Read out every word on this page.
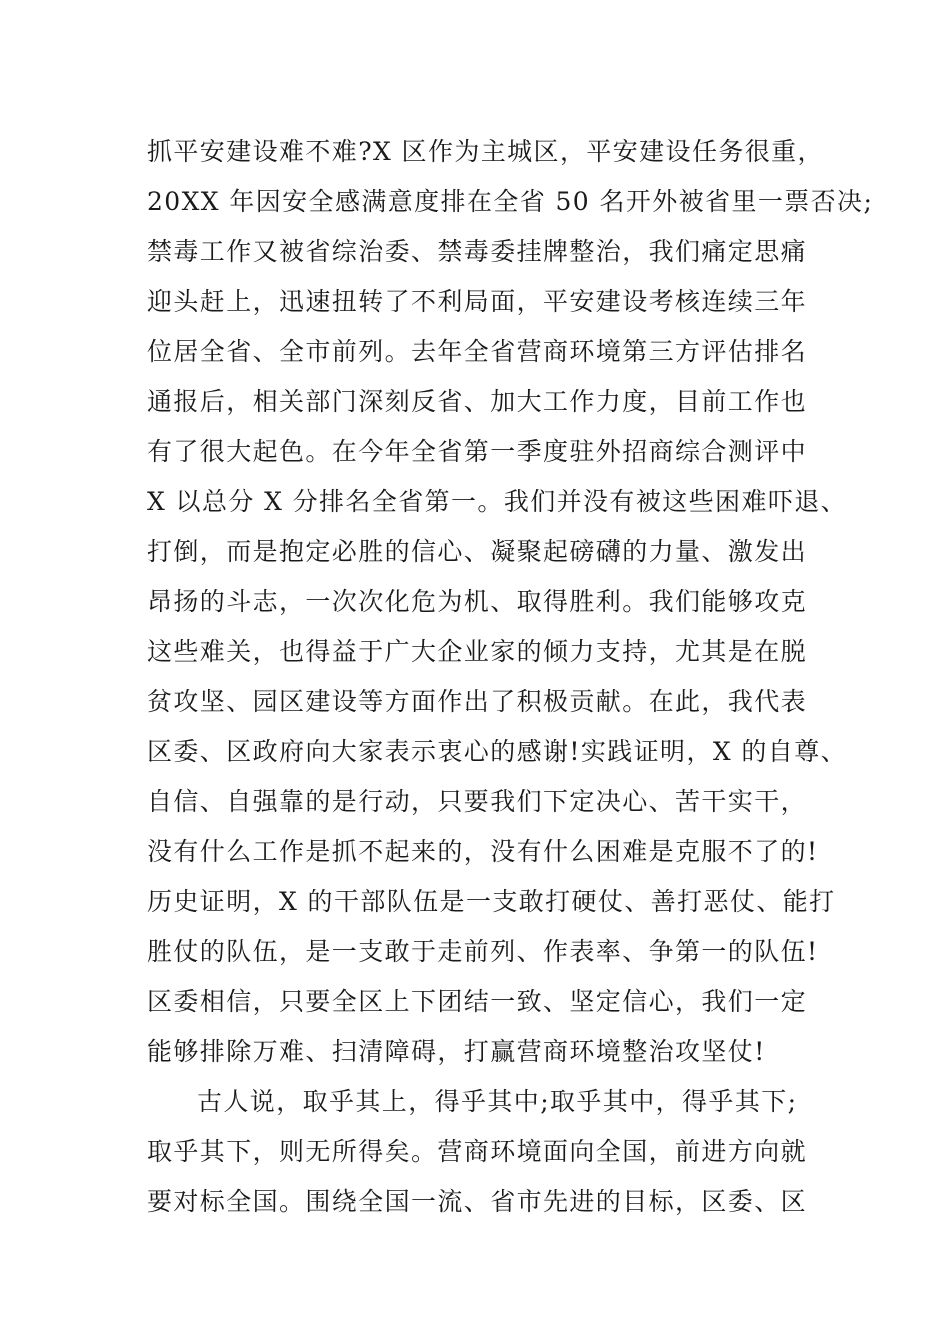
抓平安建设难不难?X 区作为主城区，平安建设任务很重，
20XX 年因安全感满意度排在全省 50 名开外被省里一票否决;
禁毒工作又被省综治委、禁毒委挂牌整治，我们痛定思痛
迎头赶上，迅速扭转了不利局面，平安建设考核连续三年
位居全省、全市前列。去年全省营商环境第三方评估排名
通报后，相关部门深刻反省、加大工作力度，目前工作也
有了很大起色。在今年全省第一季度驻外招商综合测评中
X 以总分 X 分排名全省第一。我们并没有被这些困难吓退、
打倒，而是抱定必胜的信心、凝聚起磅礴的力量、激发出
昂扬的斗志，一次次化危为机、取得胜利。我们能够攻克
这些难关，也得益于广大企业家的倾力支持，尤其是在脱
贫攻坚、园区建设等方面作出了积极贡献。在此，我代表
区委、区政府向大家表示衷心的感谢!实践证明，X 的自尊、
自信、自强靠的是行动，只要我们下定决心、苦干实干，
没有什么工作是抓不起来的，没有什么困难是克服不了的!
历史证明，X 的干部队伍是一支敢打硬仗、善打恶仗、能打
胜仗的队伍，是一支敢于走前列、作表率、争第一的队伍!
区委相信，只要全区上下团结一致、坚定信心，我们一定
能够排除万难、扫清障碍，打赢营商环境整治攻坚仗!
古人说，取乎其上，得乎其中;取乎其中，得乎其下;
取乎其下，则无所得矣。营商环境面向全国，前进方向就
要对标全国。围绕全国一流、省市先进的目标，区委、区
